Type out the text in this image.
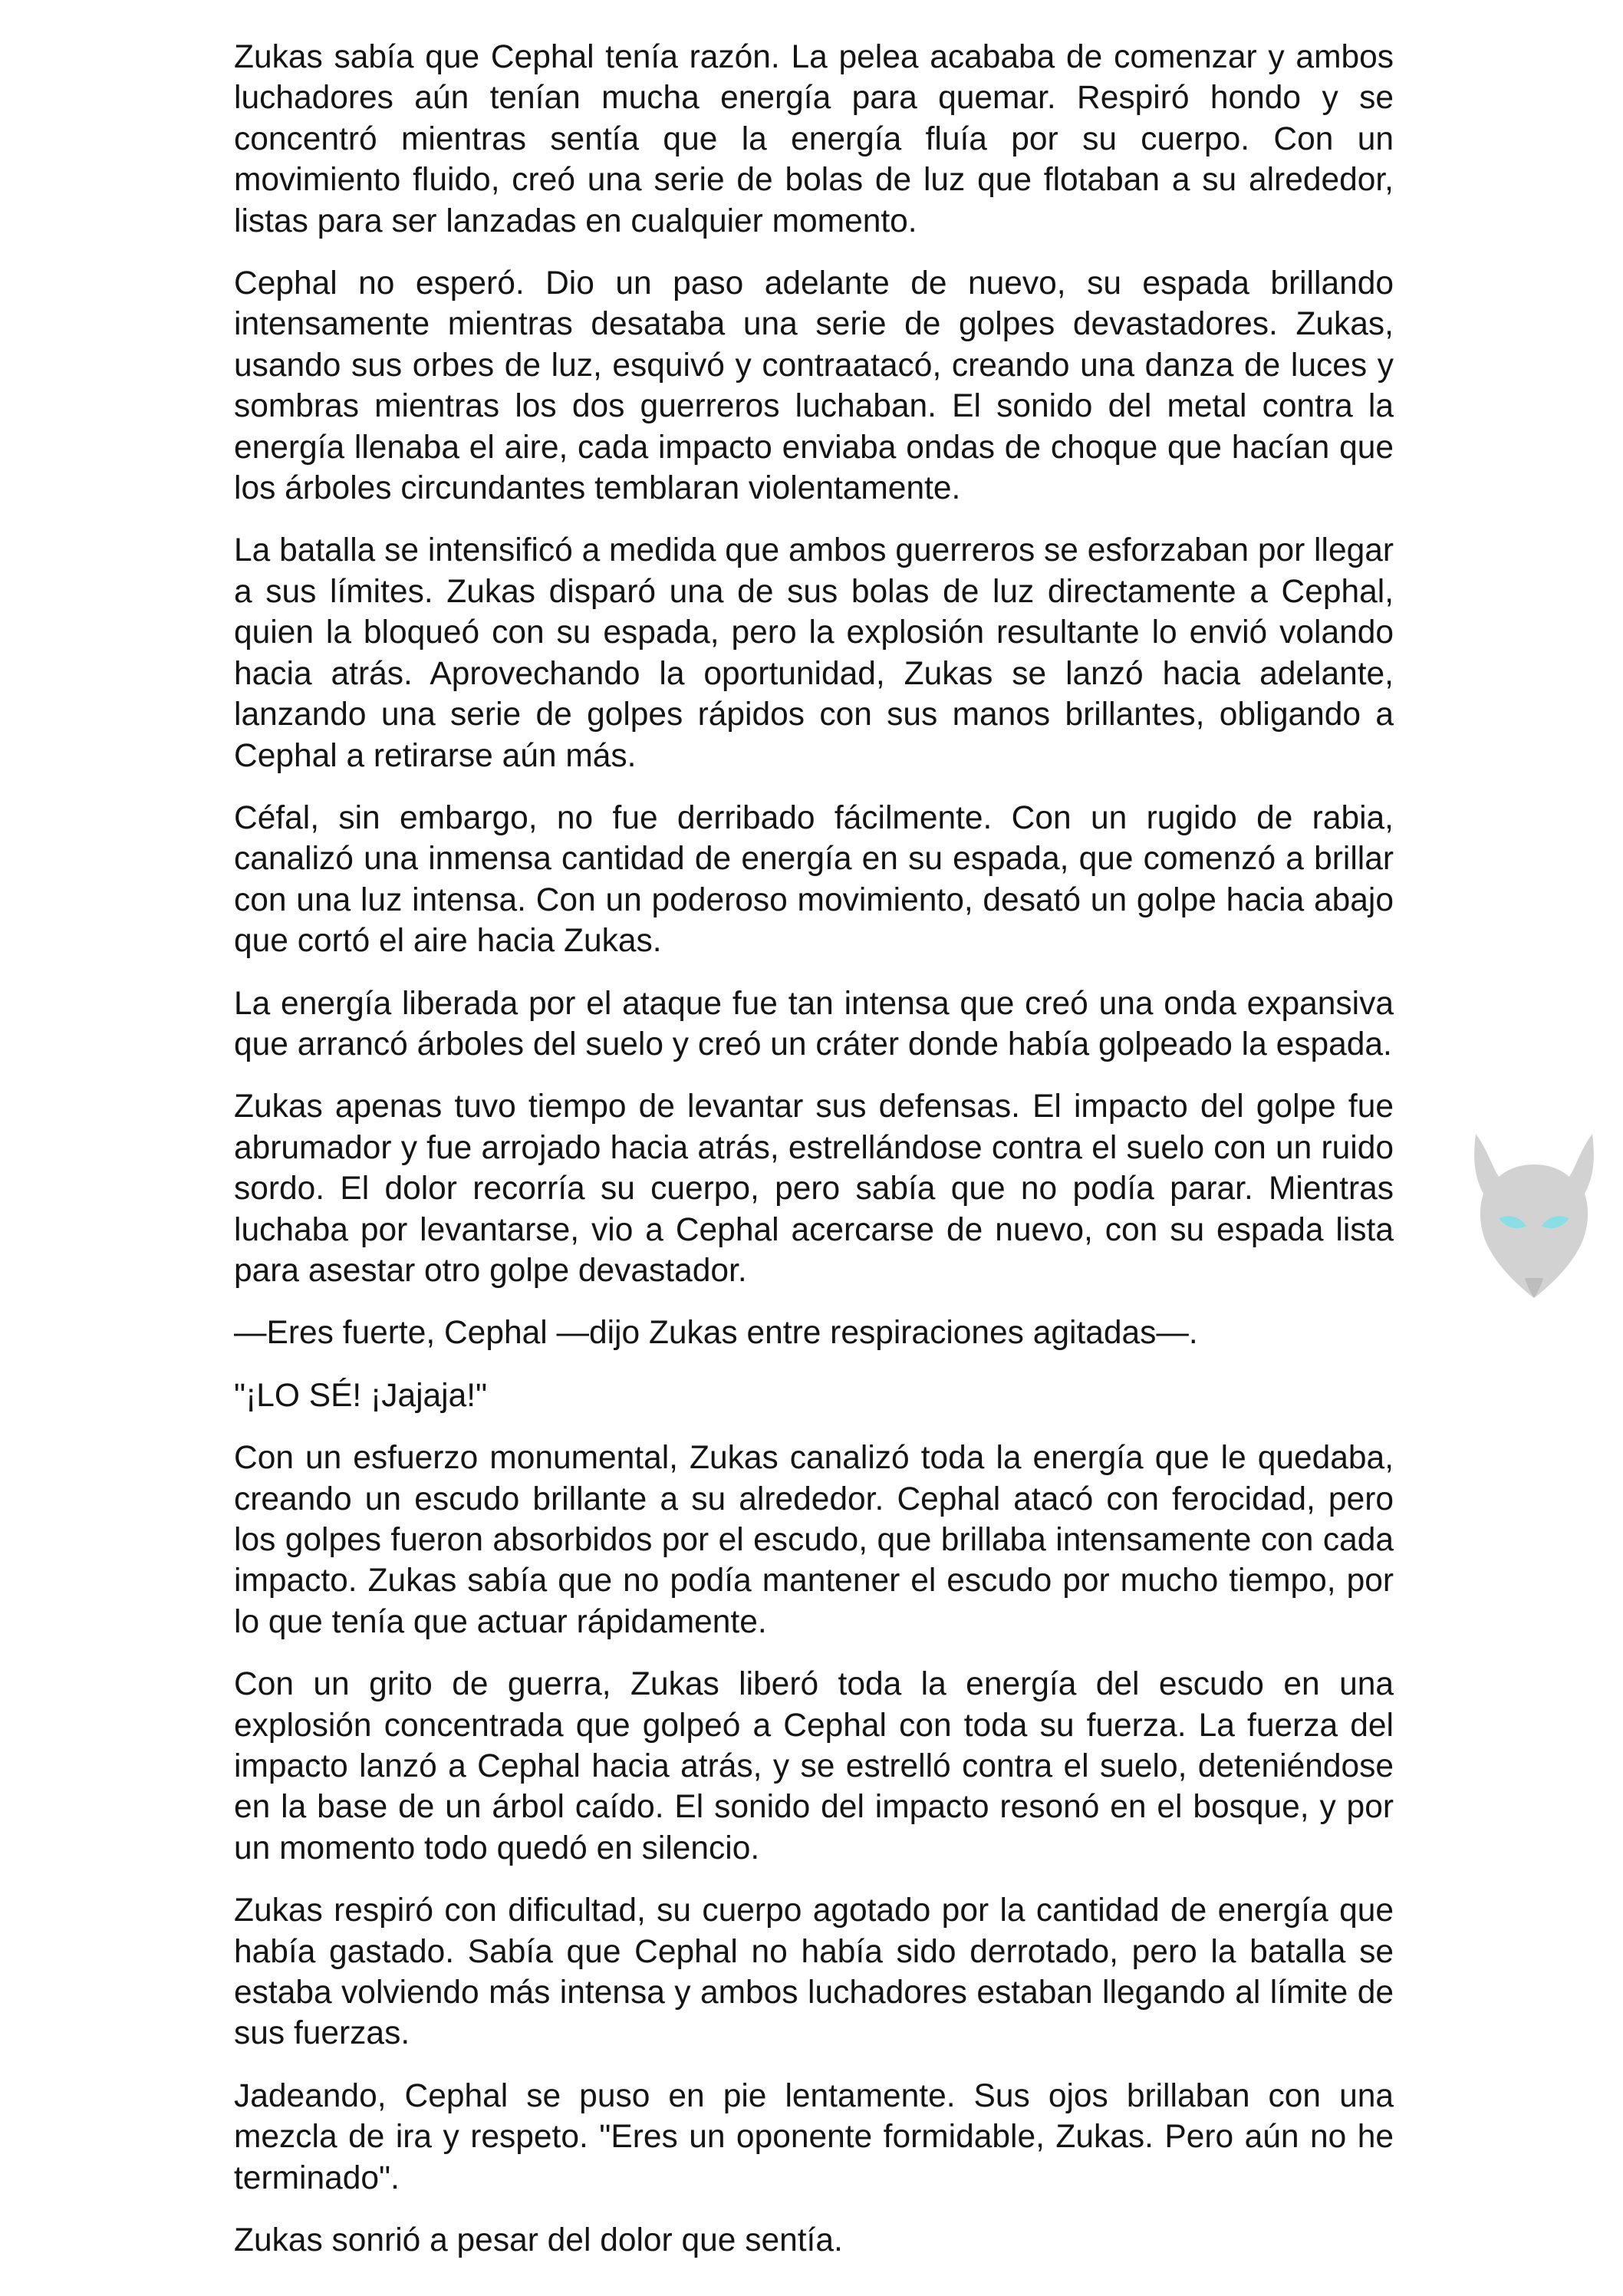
Zukas sabía que Cephal tenía razón. La pelea acababa de comenzar y ambos luchadores aún tenían mucha energía para quemar. Respiró hondo y se concentró mientras sentía que la energía fluía por su cuerpo. Con un movimiento fluido, creó una serie de bolas de luz que flotaban a su alrededor, listas para ser lanzadas en cualquier momento.

Cephal no esperó. Dio un paso adelante de nuevo, su espada brillando intensamente mientras desataba una serie de golpes devastadores. Zukas, usando sus orbes de luz, esquivó y contraatacó, creando una danza de luces y sombras mientras los dos guerreros luchaban. El sonido del metal contra la energía llenaba el aire, cada impacto enviaba ondas de choque que hacían que los árboles circundantes temblaran violentamente.

La batalla se intensificó a medida que ambos guerreros se esforzaban por llegar a sus límites. Zukas disparó una de sus bolas de luz directamente a Cephal, quien la bloqueó con su espada, pero la explosión resultante lo envió volando hacia atrás. Aprovechando la oportunidad, Zukas se lanzó hacia adelante, lanzando una serie de golpes rápidos con sus manos brillantes, obligando a Cephal a retirarse aún más.

Céfal, sin embargo, no fue derribado fácilmente. Con un rugido de rabia, canalizó una inmensa cantidad de energía en su espada, que comenzó a brillar con una luz intensa. Con un poderoso movimiento, desató un golpe hacia abajo que cortó el aire hacia Zukas.

La energía liberada por el ataque fue tan intensa que creó una onda expansiva que arrancó árboles del suelo y creó un cráter donde había golpeado la espada.

Zukas apenas tuvo tiempo de levantar sus defensas. El impacto del golpe fue abrumador y fue arrojado hacia atrás, estrellándose contra el suelo con un ruido sordo. El dolor recorría su cuerpo, pero sabía que no podía parar. Mientras luchaba por levantarse, vio a Cephal acercarse de nuevo, con su espada lista para asestar otro golpe devastador.

—Eres fuerte, Cephal —dijo Zukas entre respiraciones agitadas—.

"¡LO SÉ! ¡Jajaja!"

Con un esfuerzo monumental, Zukas canalizó toda la energía que le quedaba, creando un escudo brillante a su alrededor. Cephal atacó con ferocidad, pero los golpes fueron absorbidos por el escudo, que brillaba intensamente con cada impacto. Zukas sabía que no podía mantener el escudo por mucho tiempo, por lo que tenía que actuar rápidamente.

Con un grito de guerra, Zukas liberó toda la energía del escudo en una explosión concentrada que golpeó a Cephal con toda su fuerza. La fuerza del impacto lanzó a Cephal hacia atrás, y se estrelló contra el suelo, deteniéndose en la base de un árbol caído. El sonido del impacto resonó en el bosque, y por un momento todo quedó en silencio.

Zukas respiró con dificultad, su cuerpo agotado por la cantidad de energía que había gastado. Sabía que Cephal no había sido derrotado, pero la batalla se estaba volviendo más intensa y ambos luchadores estaban llegando al límite de sus fuerzas.

Jadeando, Cephal se puso en pie lentamente. Sus ojos brillaban con una mezcla de ira y respeto. "Eres un oponente formidable, Zukas. Pero aún no he terminado".

Zukas sonrió a pesar del dolor que sentía.
